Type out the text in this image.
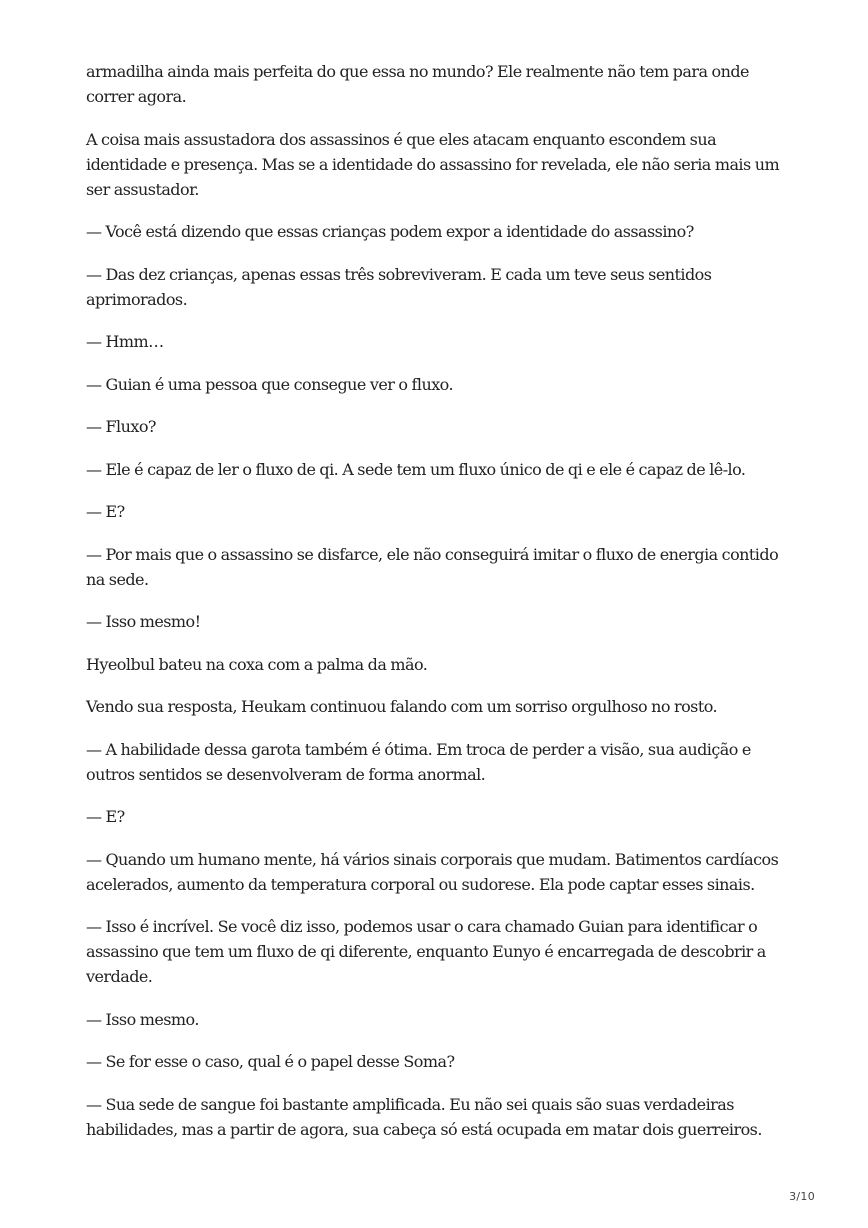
armadilha ainda mais perfeita do que essa no mundo? Ele realmente não tem para onde correr agora.

A coisa mais assustadora dos assassinos é que eles atacam enquanto escondem sua identidade e presença. Mas se a identidade do assassino for revelada, ele não seria mais um ser assustador.

— Você está dizendo que essas crianças podem expor a identidade do assassino?

— Das dez crianças, apenas essas três sobreviveram. E cada um teve seus sentidos aprimorados.

— Hmm…

— Guian é uma pessoa que consegue ver o fluxo.

— Fluxo?

— Ele é capaz de ler o fluxo de qi. A sede tem um fluxo único de qi e ele é capaz de lê-lo.

— E?

— Por mais que o assassino se disfarce, ele não conseguirá imitar o fluxo de energia contido na sede.

— Isso mesmo!

Hyeolbul bateu na coxa com a palma da mão.

Vendo sua resposta, Heukam continuou falando com um sorriso orgulhoso no rosto.

— A habilidade dessa garota também é ótima. Em troca de perder a visão, sua audição e outros sentidos se desenvolveram de forma anormal.

— E?

— Quando um humano mente, há vários sinais corporais que mudam. Batimentos cardíacos acelerados, aumento da temperatura corporal ou sudorese. Ela pode captar esses sinais.

— Isso é incrível. Se você diz isso, podemos usar o cara chamado Guian para identificar o assassino que tem um fluxo de qi diferente, enquanto Eunyo é encarregada de descobrir a verdade.

— Isso mesmo.

— Se for esse o caso, qual é o papel desse Soma?

— Sua sede de sangue foi bastante amplificada. Eu não sei quais são suas verdadeiras habilidades, mas a partir de agora, sua cabeça só está ocupada em matar dois guerreiros.

3/10
